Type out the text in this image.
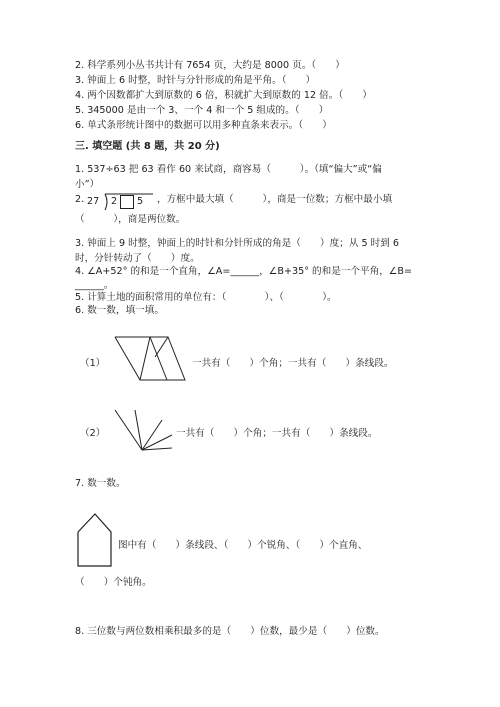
2. 科学系列小丛书共计有 7654 页，大约是 8000 页。（　　）
3. 钟面上 6 时整，时针与分针形成的角是平角。（　　）
4. 两个因数都扩大到原数的 6 倍，积就扩大到原数的 12 倍。（　　）
5. 345000 是由一个 3、一个 4 和一个 5 组成的。（　　）
6. 单式条形统计图中的数据可以用多种直条来表示。（　　）
三. 填空题 (共 8 题，共 20 分)
1. 537÷63 把 63 看作 60 来试商，商容易（　　　）。（填“偏大”或“偏
小”）
2. 27 2 5 ，方框中最大填（　　　），商是一位数；方框中最小填
（　　　），商是两位数。
3. 钟面上 9 时整，钟面上的时针和分针所成的角是（　　）度；从 5 时到 6
时，分针转动了（　　）度。
4. ∠A+52° 的和是一个直角，∠A=______，∠B+35° 的和是一个平角，∠B=
______。
5. 计算土地的面积常用的单位有：（　　　　）、（　　　　）。
6. 数一数，填一填。
（1）	一共有（　　）个角；一共有（　　）条线段。
（2）	一共有（　　）个角；一共有（　　）条线段。
7. 数一数。
图中有（　　）条线段、（　　）个锐角、（　　）个直角、
（　　）个钝角。
8. 三位数与两位数相乘积最多的是（　　）位数，最少是（　　）位数。
